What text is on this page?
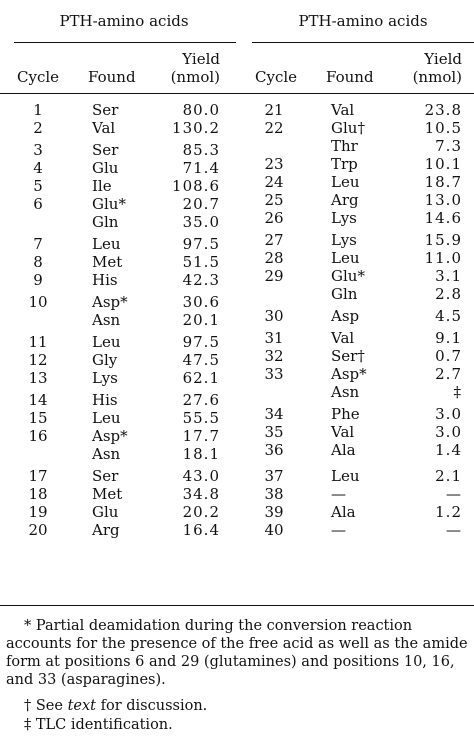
PTH-amino acids	PTH-amino acids
Cycle Found
Yield
(nmol) Cycle Found
Yield
(nmol)
1	Ser	80.0
2	Val	130.2
3	Ser	85.3
4	Glu	71.4
5	Ile	108.6
6	Glu*	20.7
Gln	35.0
7	Leu	97.5
8	Met	51.5
9	His	42.3
10	Asp*	30.6
Asn	20.1
11	Leu	97.5
12	Gly	47.5
13	Lys	62.1
14	His	27.6
15	Leu	55.5
16	Asp*	17.7
Asn	18.1
17	Ser	43.0
18	Met	34.8
19	Glu	20.2
20	Arg	16.4
21	Val	23.8
22	Glu†	10.5
Thr	7.3
23	Trp	10.1
24	Leu	18.7
25	Arg	13.0
26	Lys	14.6
27	Lys	15.9
28	Leu	11.0
29	Glu*	3.1
Gln	2.8
30	Asp	4.5
31	Val	9.1
32	Ser†	0.7
33	Asp*	2.7
Asn	‡
34	Phe	3.0
35	Val	3.0
36	Ala	1.4
37	Leu	2.1
38	—	—
39	Ala	1.2
40	—	—
* Partial deamidation during the conversion reaction accounts for the presence of the free acid as well as the amide form at positions 6 and 29 (glutamines) and positions 10, 16, and 33 (asparagines).
† See text for discussion.
‡ TLC identification.
